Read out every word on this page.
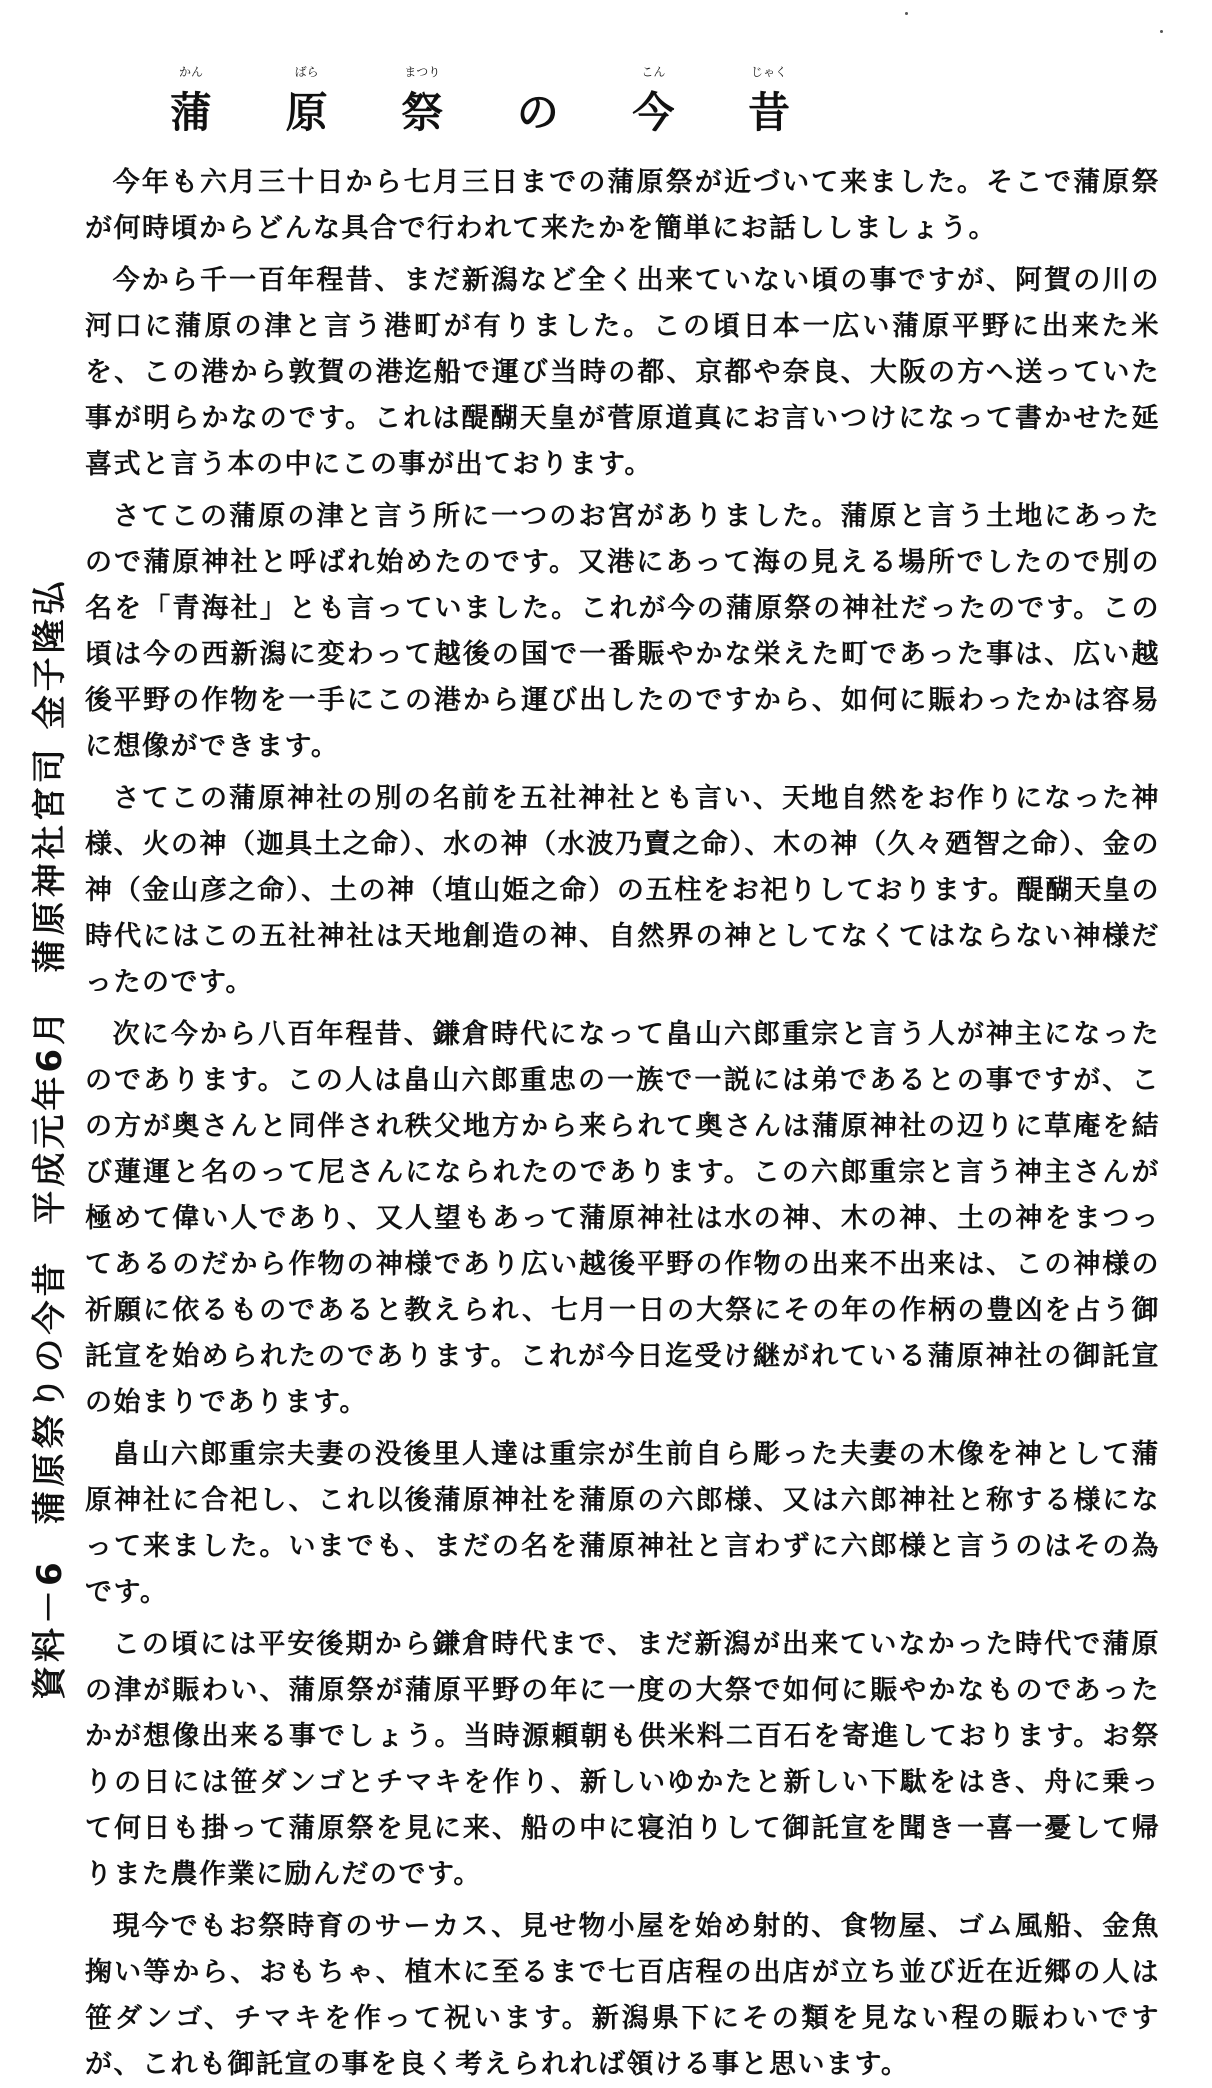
資料－6 蒲原祭りの今昔 平成元年6月 蒲原神社宮司 金子隆弘
かん
蒲
ばら
原
まつり
祭 の
こん
今
じゃく
昔

今年も六月三十日から七月三日までの蒲原祭が近づいて来ました。そこで蒲原祭が何時頃からどんな具合で行われて来たかを簡単にお話ししましょう。

今から千一百年程昔、まだ新潟など全く出来ていない頃の事ですが、阿賀の川の河口に蒲原の津と言う港町が有りました。この頃日本一広い蒲原平野に出来た米を、この港から敦賀の港迄船で運び当時の都、京都や奈良、大阪の方へ送っていた事が明らかなのです。これは醍醐天皇が菅原道真にお言いつけになって書かせた延喜式と言う本の中にこの事が出ております。

さてこの蒲原の津と言う所に一つのお宮がありました。蒲原と言う土地にあったので蒲原神社と呼ばれ始めたのです。又港にあって海の見える場所でしたので別の名を「青海社」とも言っていました。これが今の蒲原祭の神社だったのです。この頃は今の西新潟に変わって越後の国で一番賑やかな栄えた町であった事は、広い越後平野の作物を一手にこの港から運び出したのですから、如何に賑わったかは容易に想像ができます。

さてこの蒲原神社の別の名前を五社神社とも言い、天地自然をお作りになった神様、火の神（迦具土之命）、水の神（水波乃賣之命）、木の神（久々廼智之命）、金の神（金山彦之命）、土の神（埴山姫之命）の五柱をお祀りしております。醍醐天皇の時代にはこの五社神社は天地創造の神、自然界の神としてなくてはならない神様だったのです。

次に今から八百年程昔、鎌倉時代になって畠山六郎重宗と言う人が神主になったのであります。この人は畠山六郎重忠の一族で一説には弟であるとの事ですが、この方が奥さんと同伴され秩父地方から来られて奥さんは蒲原神社の辺りに草庵を結び蓮運と名のって尼さんになられたのであります。この六郎重宗と言う神主さんが極めて偉い人であり、又人望もあって蒲原神社は水の神、木の神、土の神をまつってあるのだから作物の神様であり広い越後平野の作物の出来不出来は、この神様の祈願に依るものであると教えられ、七月一日の大祭にその年の作柄の豊凶を占う御託宣を始められたのであります。これが今日迄受け継がれている蒲原神社の御託宣の始まりであります。

畠山六郎重宗夫妻の没後里人達は重宗が生前自ら彫った夫妻の木像を神として蒲原神社に合祀し、これ以後蒲原神社を蒲原の六郎様、又は六郎神社と称する様になって来ました。いまでも、まだの名を蒲原神社と言わずに六郎様と言うのはその為です。

この頃には平安後期から鎌倉時代まで、まだ新潟が出来ていなかった時代で蒲原の津が賑わい、蒲原祭が蒲原平野の年に一度の大祭で如何に賑やかなものであったかが想像出来る事でしょう。当時源頼朝も供米料二百石を寄進しております。お祭りの日には笹ダンゴとチマキを作り、新しいゆかたと新しい下駄をはき、舟に乗って何日も掛って蒲原祭を見に来、船の中に寝泊りして御託宣を聞き一喜一憂して帰りまた農作業に励んだのです。

現今でもお祭時育のサーカス、見せ物小屋を始め射的、食物屋、ゴム風船、金魚掬い等から、おもちゃ、植木に至るまで七百店程の出店が立ち並び近在近郷の人は笹ダンゴ、チマキを作って祝います。新潟県下にその類を見ない程の賑わいですが、これも御託宣の事を良く考えられれば領ける事と思います。
